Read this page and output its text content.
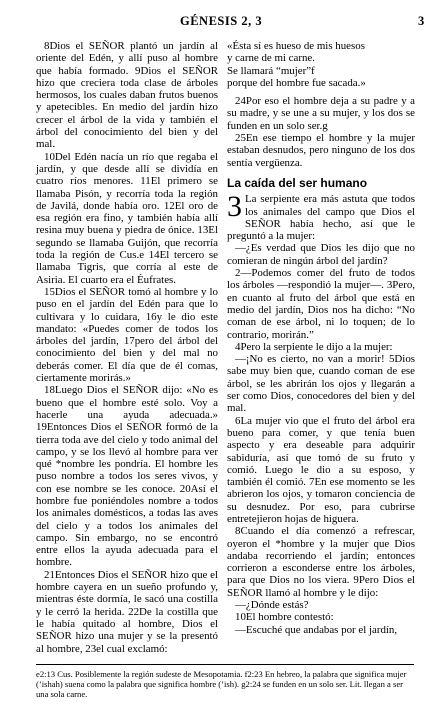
GÉNESIS 2, 3	3

8Dios el SEÑOR plantó un jardín al oriente del Edén, y allí puso al hombre que había formado. 9Dios el SEÑOR hizo que creciera toda clase de árboles hermosos, los cuales daban frutos buenos y apetecibles. En medio del jardín hizo crecer el árbol de la vida y también el árbol del conocimiento del bien y del mal.

10Del Edén nacía un río que regaba el jardín, y que desde allí se dividía en cuatro ríos menores. 11El primero se llamaba Pisón, y recorría toda la región de Javilá, donde había oro. 12El oro de esa región era fino, y también había allí resina muy buena y piedra de ónice. 13El segundo se llamaba Guijón, que recorría toda la región de Cus.e 14El tercero se llamaba Tigris, que corría al este de Asiria. El cuarto era el Éufrates.

15Dios el SEÑOR tomó al hombre y lo puso en el jardín del Edén para que lo cultivara y lo cuidara, 16y le dio este mandato: «Puedes comer de todos los árboles del jardín, 17pero del árbol del conocimiento del bien y del mal no deberás comer. El día que de él comas, ciertamente morirás.»

18Luego Dios el SEÑOR dijo: «No es bueno que el hombre esté solo. Voy a hacerle una ayuda adecuada.» 19Entonces Dios el SEÑOR formó de la tierra toda ave del cielo y todo animal del campo, y se los llevó al hombre para ver qué *nombre les pondría. El hombre les puso nombre a todos los seres vivos, y con ese nombre se les conoce. 20Así el hombre fue poniéndoles nombre a todos los animales domésticos, a todas las aves del cielo y a todos los animales del campo. Sin embargo, no se encontró entre ellos la ayuda adecuada para el hombre.

21Entonces Dios el SEÑOR hizo que el hombre cayera en un sueño profundo y, mientras éste dormía, le sacó una costilla y le cerró la herida. 22De la costilla que le había quitado al hombre, Dios el SEÑOR hizo una mujer y se la presentó al hombre, 23el cual exclamó:

«Ésta sí es hueso de mis huesos
y carne de mi carne.
Se llamará “mujer”f
porque del hombre fue sacada.»

24Por eso el hombre deja a su padre y a su madre, y se une a su mujer, y los dos se funden en un solo ser.g

25En ese tiempo el hombre y la mujer estaban desnudos, pero ninguno de los dos sentía vergüenza.

La caída del ser humano

3 La serpiente era más astuta que todos los animales del campo que Dios el SEÑOR había hecho, así que le preguntó a la mujer:

—¿Es verdad que Dios les dijo que no comieran de ningún árbol del jardín?

2—Podemos comer del fruto de todos los árboles —respondió la mujer—. 3Pero, en cuanto al fruto del árbol que está en medio del jardín, Dios nos ha dicho: “No coman de ese árbol, ni lo toquen; de lo contrario, morirán.”

4Pero la serpiente le dijo a la mujer:

—¡No es cierto, no van a morir! 5Dios sabe muy bien que, cuando coman de ese árbol, se les abrirán los ojos y llegarán a ser como Dios, conocedores del bien y del mal.

6La mujer vio que el fruto del árbol era bueno para comer, y que tenía buen aspecto y era deseable para adquirir sabiduría, así que tomó de su fruto y comió. Luego le dio a su esposo, y también él comió. 7En ese momento se les abrieron los ojos, y tomaron conciencia de su desnudez. Por eso, para cubrirse entretejieron hojas de higuera.

8Cuando el día comenzó a refrescar, oyeron el *hombre y la mujer que Dios andaba recorriendo el jardín; entonces corrieron a esconderse entre los árboles, para que Dios no los viera. 9Pero Dios el SEÑOR llamó al hombre y le dijo:

—¿Dónde estás?

10El hombre contestó:

—Escuché que andabas por el jardín,

e2:13 Cus. Posiblemente la región sudeste de Mesopotamia. f2:23 En hebreo, la palabra que significa mujer (’ishah) suena como la palabra que significa hombre (’ish). g2:24 se funden en un solo ser. Lit. llegan a ser una sola carne.
